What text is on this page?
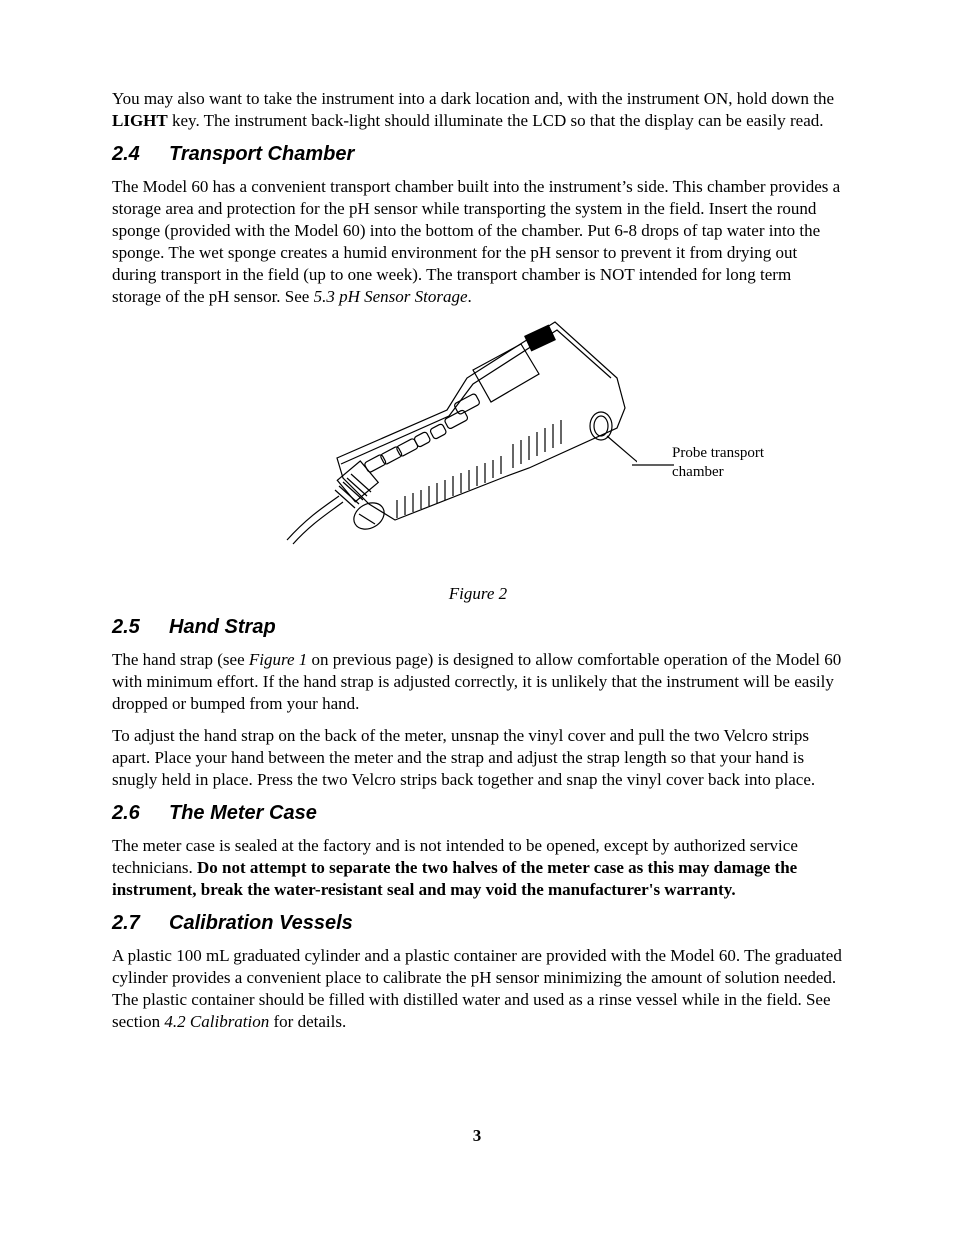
You may also want to take the instrument into a dark location and, with the instrument ON, hold down the LIGHT key. The instrument back-light should illuminate the LCD so that the display can be easily read.

2.4 Transport Chamber

The Model 60 has a convenient transport chamber built into the instrument’s side. This chamber provides a storage area and protection for the pH sensor while transporting the system in the field. Insert the round sponge (provided with the Model 60) into the bottom of the chamber. Put 6-8 drops of tap water into the sponge. The wet sponge creates a humid environment for the pH sensor to prevent it from drying out during transport in the field (up to one week). The transport chamber is NOT intended for long term storage of the pH sensor. See 5.3 pH Sensor Storage.

Probe transport
chamber
Figure 2
2.5 Hand Strap

The hand strap (see Figure 1 on previous page) is designed to allow comfortable operation of the Model 60 with minimum effort. If the hand strap is adjusted correctly, it is unlikely that the instrument will be easily dropped or bumped from your hand.

To adjust the hand strap on the back of the meter, unsnap the vinyl cover and pull the two Velcro strips apart. Place your hand between the meter and the strap and adjust the strap length so that your hand is snugly held in place. Press the two Velcro strips back together and snap the vinyl cover back into place.

2.6 The Meter Case

The meter case is sealed at the factory and is not intended to be opened, except by authorized service technicians. Do not attempt to separate the two halves of the meter case as this may damage the instrument, break the water-resistant seal and may void the manufacturer's warranty.

2.7 Calibration Vessels

A plastic 100 mL graduated cylinder and a plastic container are provided with the Model 60. The graduated cylinder provides a convenient place to calibrate the pH sensor minimizing the amount of solution needed. The plastic container should be filled with distilled water and used as a rinse vessel while in the field. See section 4.2 Calibration for details.

3
